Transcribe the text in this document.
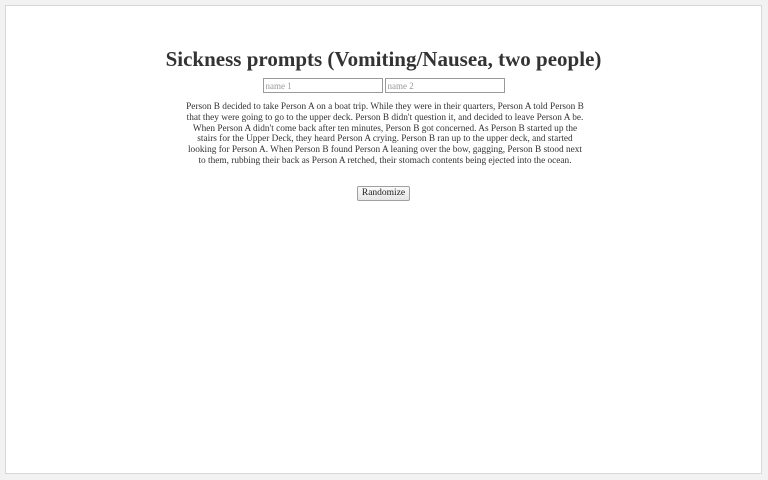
Sickness prompts (Vomiting/Nausea, two people)
name 1 name 2

Person B decided to take Person A on a boat trip. While they were in their quarters, Person A told Person B that they were going to go to the upper deck. Person B didn't question it, and decided to leave Person A be. When Person A didn't come back after ten minutes, Person B got concerned. As Person B started up the stairs for the Upper Deck, they heard Person A crying. Person B ran up to the upper deck, and started looking for Person A. When Person B found Person A leaning over the bow, gagging, Person B stood next to them, rubbing their back as Person A retched, their stomach contents being ejected into the ocean.

Randomize
